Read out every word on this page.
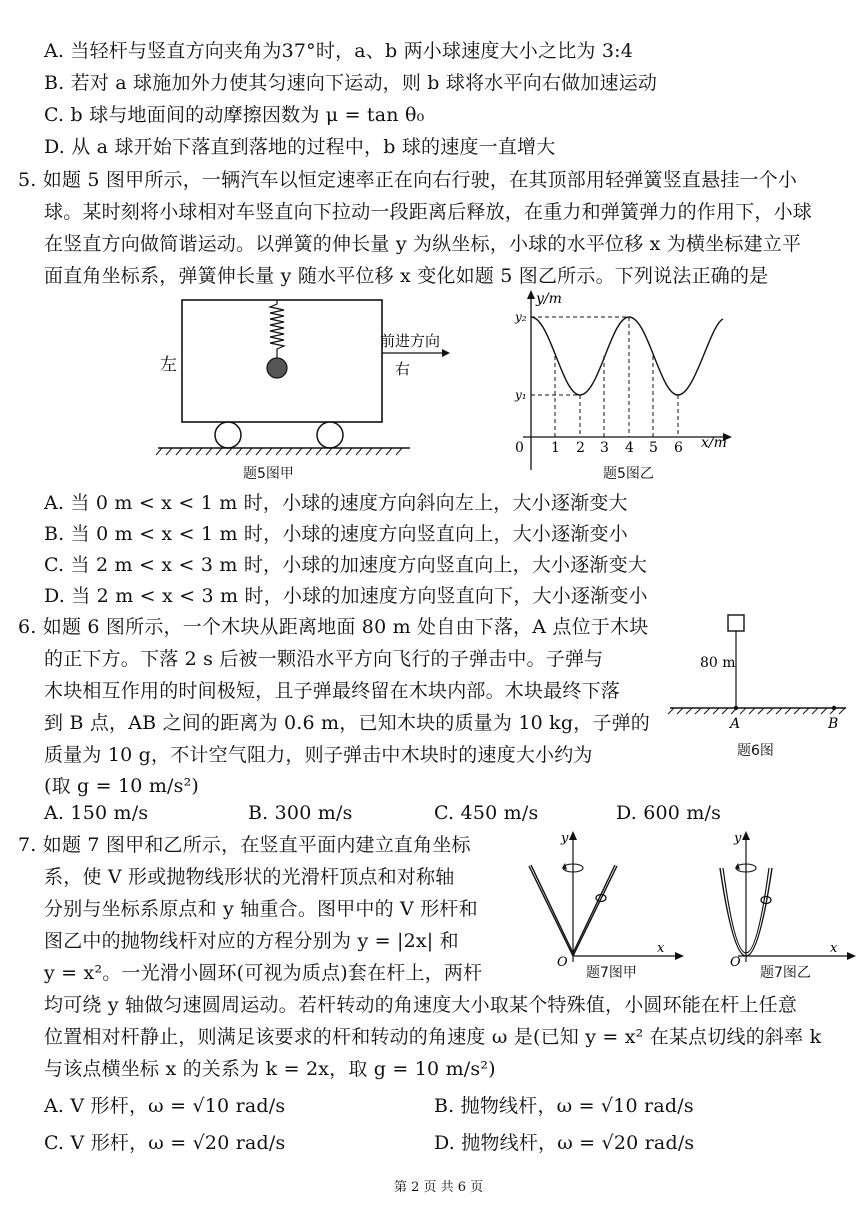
A. 当轻杆与竖直方向夹角为37°时，a、b 两小球速度大小之比为 3:4
B. 若对 a 球施加外力使其匀速向下运动，则 b 球将水平向右做加速运动
C. b 球与地面间的动摩擦因数为 μ = tan θ₀
D. 从 a 球开始下落直到落地的过程中，b 球的速度一直增大
5. 如题 5 图甲所示，一辆汽车以恒定速率正在向右行驶，在其顶部用轻弹簧竖直悬挂一个小
球。某时刻将小球相对车竖直向下拉动一段距离后释放，在重力和弹簧弹力的作用下，小球
在竖直方向做简谐运动。以弹簧的伸长量 y 为纵坐标，小球的水平位移 x 为横坐标建立平
面直角坐标系，弹簧伸长量 y 随水平位移 x 变化如题 5 图乙所示。下列说法正确的是
左
前进方向
右
题5图甲
y/m
x/m
y₂
y₁
0 1 2 3 4 5 6
题5图乙
A. 当 0 m < x < 1 m 时，小球的速度方向斜向左上，大小逐渐变大
B. 当 0 m < x < 1 m 时，小球的速度方向竖直向上，大小逐渐变小
C. 当 2 m < x < 3 m 时，小球的加速度方向竖直向上，大小逐渐变大
D. 当 2 m < x < 3 m 时，小球的加速度方向竖直向下，大小逐渐变小
6. 如题 6 图所示，一个木块从距离地面 80 m 处自由下落，A 点位于木块
的正下方。下落 2 s 后被一颗沿水平方向飞行的子弹击中。子弹与
木块相互作用的时间极短，且子弹最终留在木块内部。木块最终下落
到 B 点，AB 之间的距离为 0.6 m，已知木块的质量为 10 kg，子弹的
质量为 10 g，不计空气阻力，则子弹击中木块时的速度大小约为
(取 g = 10 m/s²)
80 m
A	B
题6图
A. 150 m/s	B. 300 m/s	C. 450 m/s	D. 600 m/s
7. 如题 7 图甲和乙所示，在竖直平面内建立直角坐标
系，使 V 形或抛物线形状的光滑杆顶点和对称轴
分别与坐标系原点和 y 轴重合。图甲中的 V 形杆和
图乙中的抛物线杆对应的方程分别为 y = |2x| 和
y = x²。一光滑小圆环(可视为质点)套在杆上，两杆
均可绕 y 轴做匀速圆周运动。若杆转动的角速度大小取某个特殊值，小圆环能在杆上任意
位置相对杆静止，则满足该要求的杆和转动的角速度 ω 是(已知 y = x² 在某点切线的斜率 k
与该点横坐标 x 的关系为 k = 2x，取 g = 10 m/s²)
y
x
O
题7图甲
y
x
O
题7图乙
A. V 形杆，ω = √10 rad/s	B. 抛物线杆，ω = √10 rad/s
C. V 形杆，ω = √20 rad/s	D. 抛物线杆，ω = √20 rad/s
第 2 页 共 6 页
